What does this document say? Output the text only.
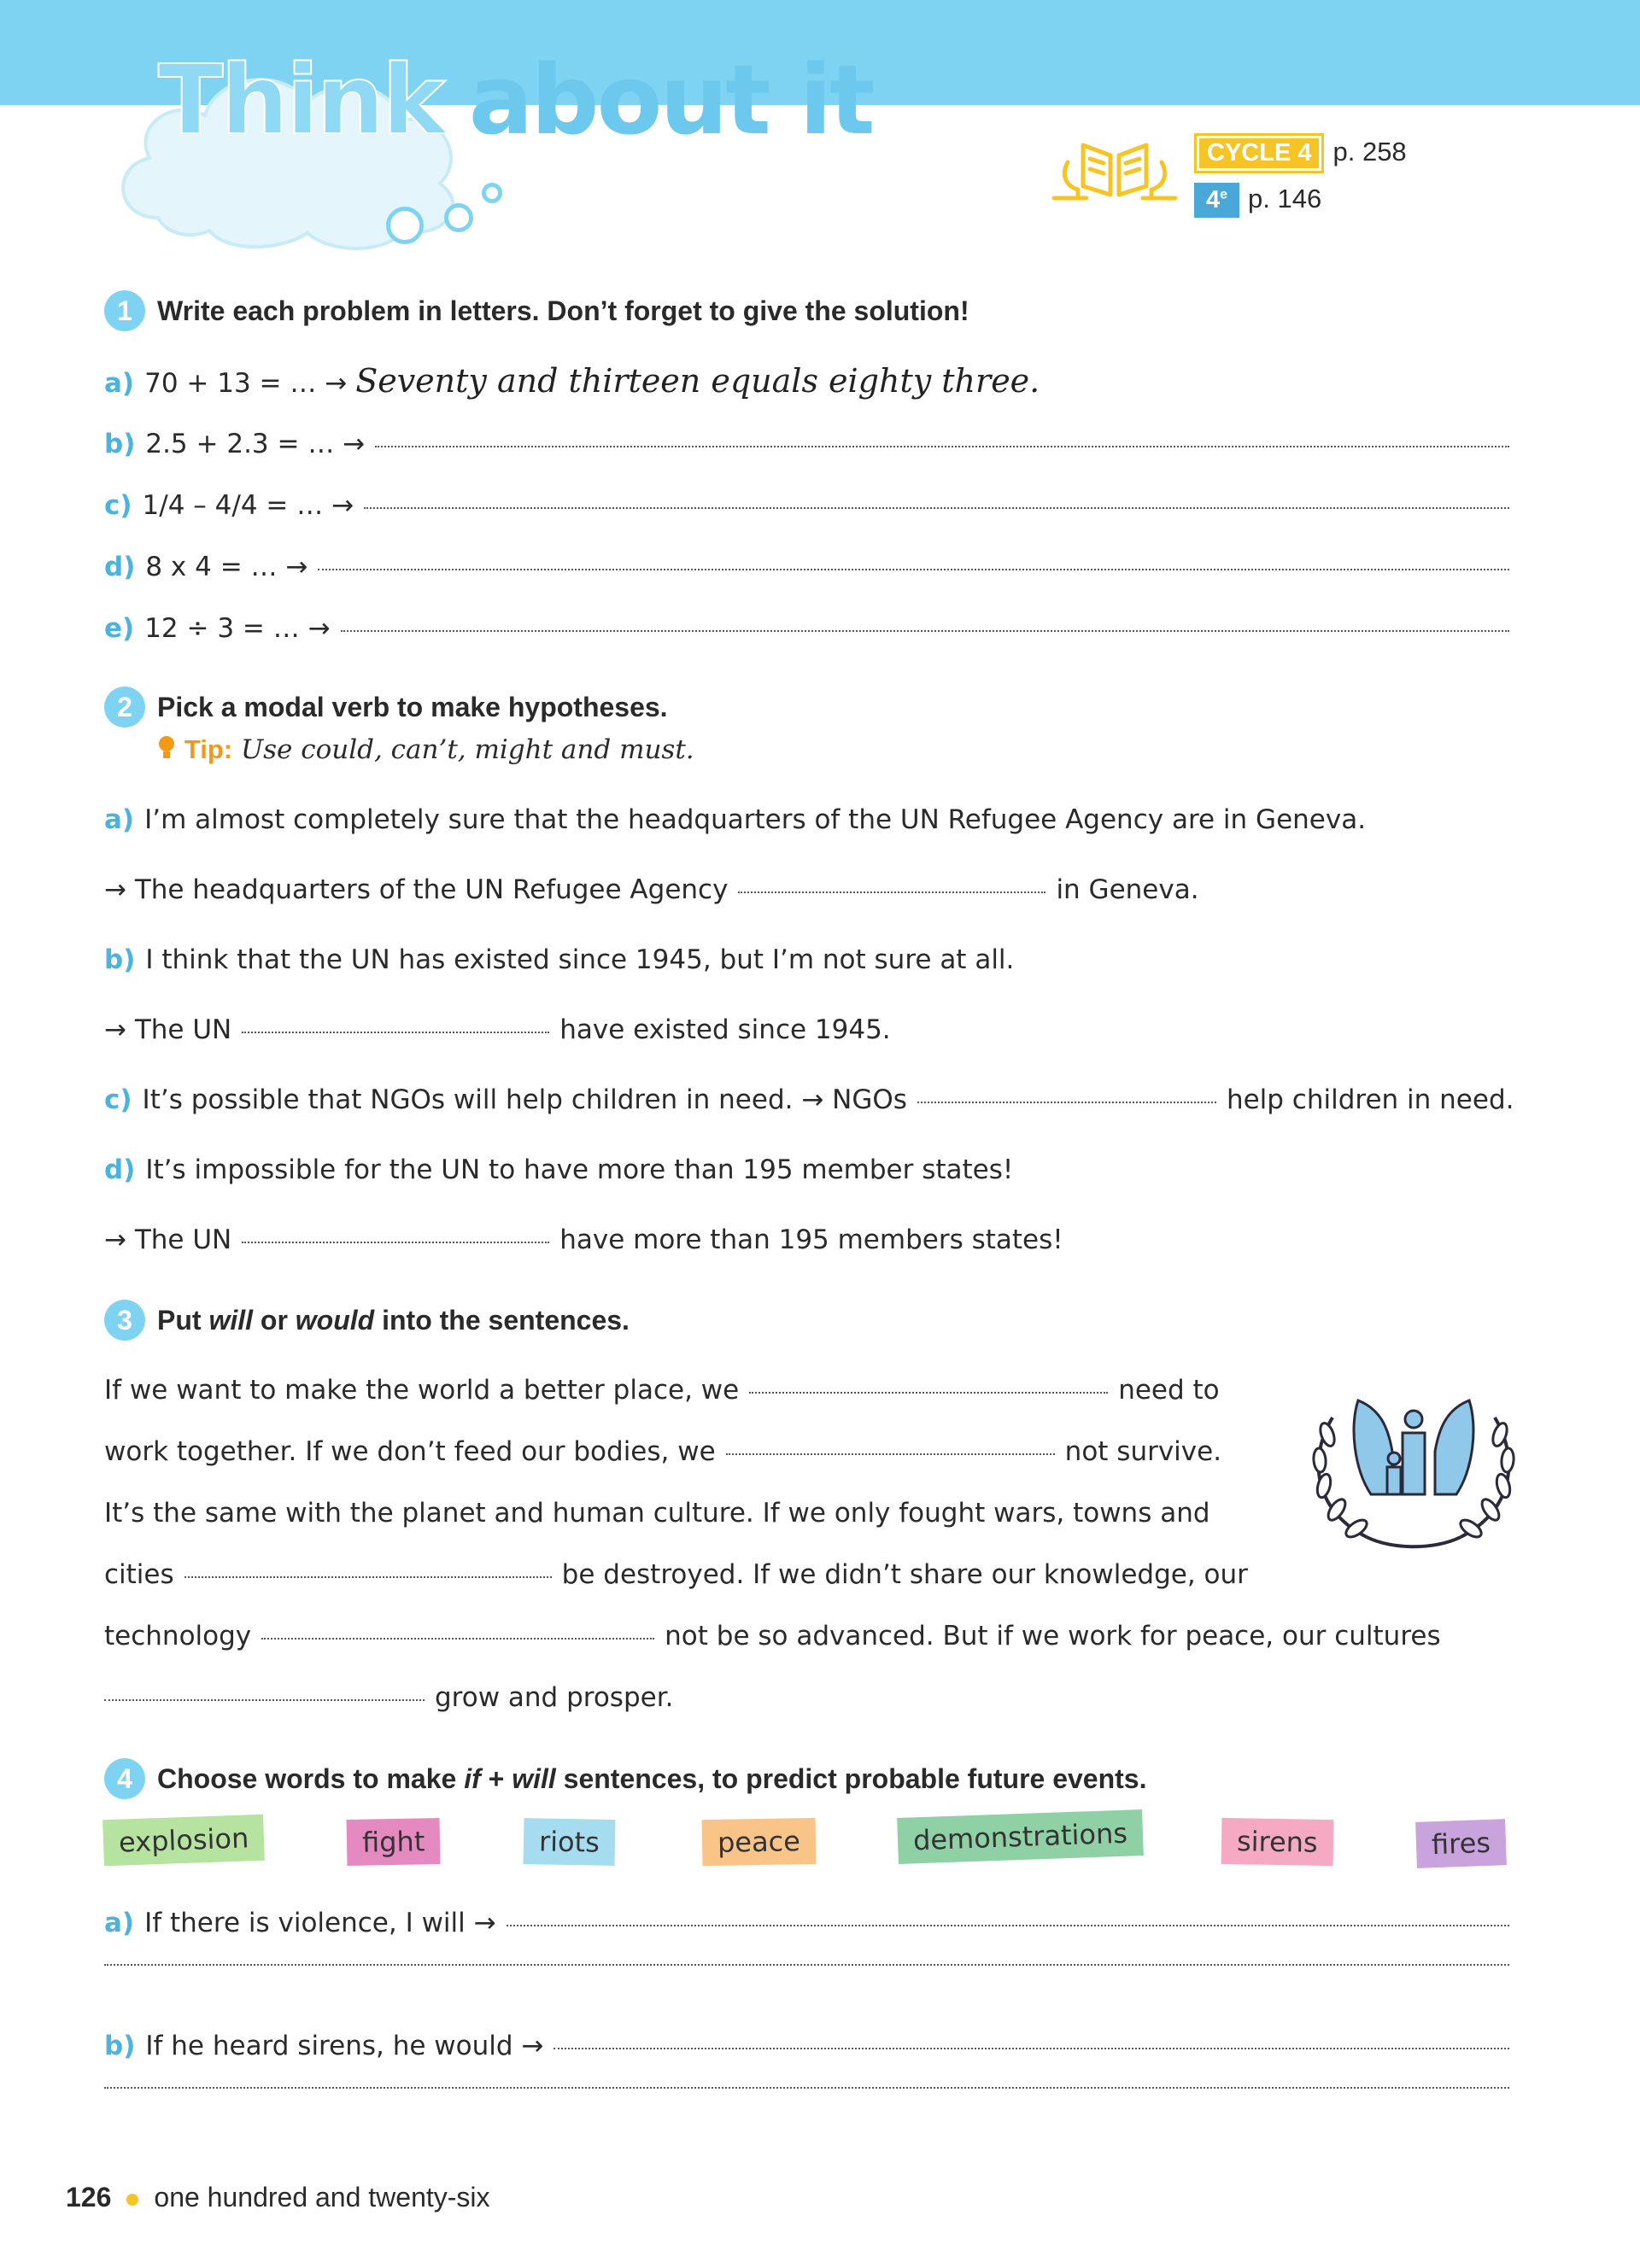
Think about it	CYCLE 4 p. 258
4e p. 146
1 Write each problem in letters. Don’t forget to give the solution!
a) 70 + 13 = … → Seventy and thirteen equals eighty three.
b) 2.5 + 2.3 = … →
c) 1/4 – 4/4 = … →
d) 8 x 4 = … →
e) 12 ÷ 3 = … →
2 Pick a modal verb to make hypotheses.
Tip: Use could, can’t, might and must.
a) I’m almost completely sure that the headquarters of the UN Refugee Agency are in Geneva.
→ The headquarters of the UN Refugee Agency	in Geneva.
b) I think that the UN has existed since 1945, but I’m not sure at all.
→ The UN	have existed since 1945.
c) It’s possible that NGOs will help children in need. → NGOs	help children in need.
d) It’s impossible for the UN to have more than 195 member states!
→ The UN	have more than 195 members states!
3 Put will or would into the sentences.
If we want to make the world a better place, we	need to
work together. If we don’t feed our bodies, we	not survive.
It’s the same with the planet and human culture. If we only fought wars, towns and
cities	be destroyed. If we didn’t share our knowledge, our
technology	not be so advanced. But if we work for peace, our cultures
grow and prosper.
4 Choose words to make if + will sentences, to predict probable future events.
a) If there is violence, I will →
b) If he heard sirens, he would →
explosion	fight	riots	peace	demonstrations	sirens	fires
126 one hundred and twenty-six
